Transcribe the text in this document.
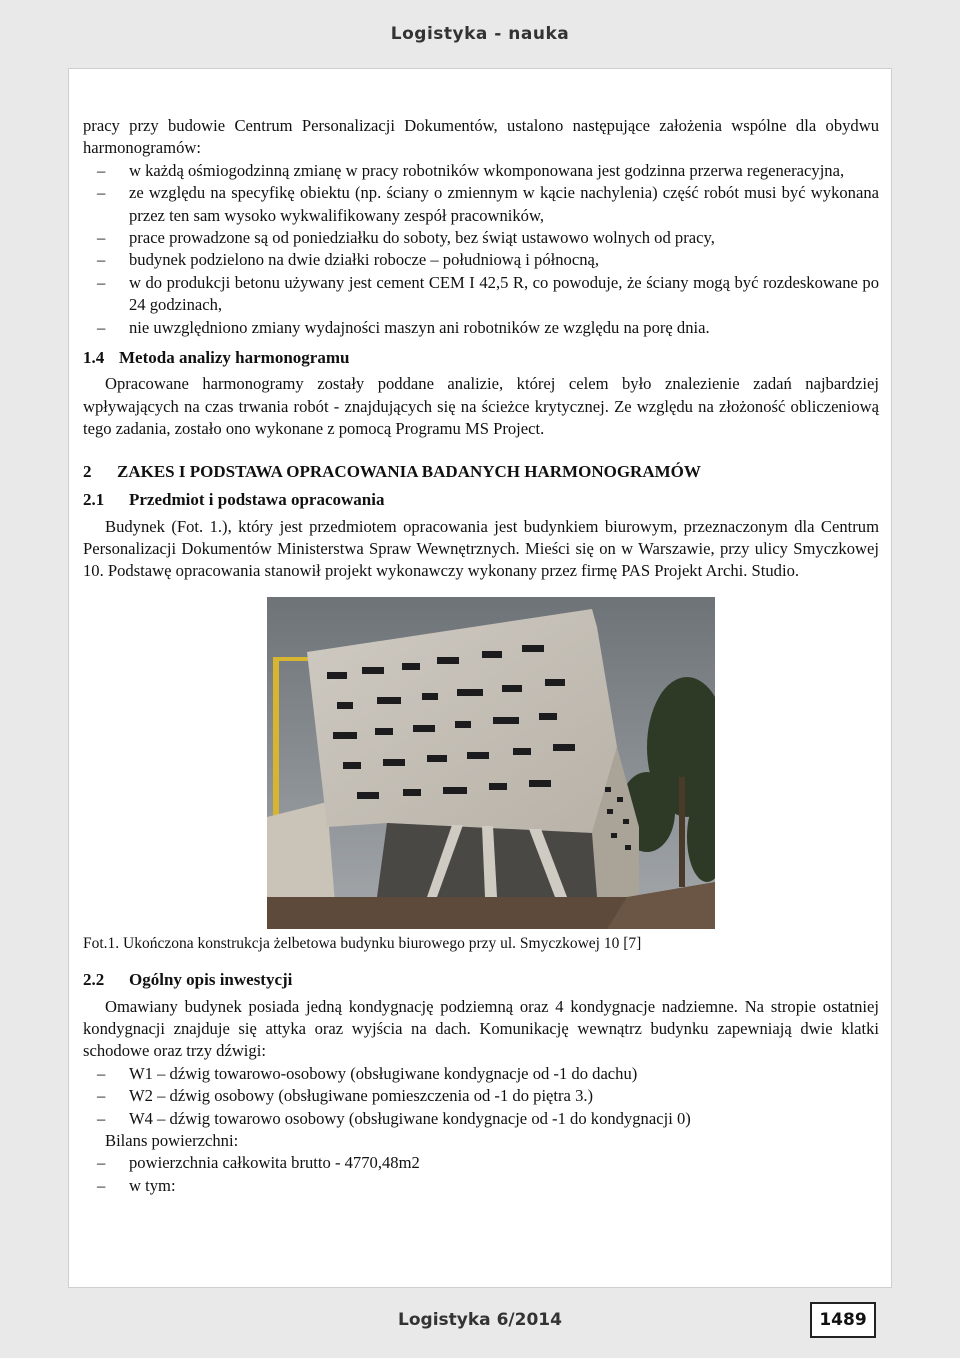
Logistyka - nauka

pracy przy budowie Centrum Personalizacji Dokumentów, ustalono następujące założenia wspólne dla obydwu harmonogramów:

– w każdą ośmiogodzinną zmianę w pracy robotników wkomponowana jest godzinna przerwa regeneracyjna,
– ze względu na specyfikę obiektu (np. ściany o zmiennym w kącie nachylenia) część robót musi być wykonana przez ten sam wysoko wykwalifikowany zespół pracowników,
– prace prowadzone są od poniedziałku do soboty, bez świąt ustawowo wolnych od pracy,
– budynek podzielono na dwie działki robocze – południową i północną,
– w do produkcji betonu używany jest cement CEM I 42,5 R, co powoduje, że ściany mogą być rozdeskowane po 24 godzinach,
– nie uwzględniono zmiany wydajności maszyn ani robotników ze względu na porę dnia.
1.4 Metoda analizy harmonogramu

Opracowane harmonogramy zostały poddane analizie, której celem było znalezienie zadań najbardziej wpływających na czas trwania robót - znajdujących się na ścieżce krytycznej. Ze względu na złożoność obliczeniową tego zadania, zostało ono wykonane z pomocą Programu MS Project.

2 ZAKES I PODSTAWA OPRACOWANIA BADANYCH HARMONOGRAMÓW
2.1 Przedmiot i podstawa opracowania

Budynek (Fot. 1.), który jest przedmiotem opracowania jest budynkiem biurowym, przeznaczonym dla Centrum Personalizacji Dokumentów Ministerstwa Spraw Wewnętrznych. Mieści się on w Warszawie, przy ulicy Smyczkowej 10. Podstawę opracowania stanowił projekt wykonawczy wykonany przez firmę PAS Projekt Archi. Studio.

Fot.1. Ukończona konstrukcja żelbetowa budynku biurowego przy ul. Smyczkowej 10 [7]

2.2 Ogólny opis inwestycji

Omawiany budynek posiada jedną kondygnację podziemną oraz 4 kondygnacje nadziemne. Na stropie ostatniej kondygnacji znajduje się attyka oraz wyjścia na dach. Komunikację wewnątrz budynku zapewniają dwie klatki schodowe oraz trzy dźwigi:

– W1 – dźwig towarowo-osobowy (obsługiwane kondygnacje od -1 do dachu)
– W2 – dźwig osobowy (obsługiwane pomieszczenia od -1 do piętra 3.)
– W4 – dźwig towarowo osobowy (obsługiwane kondygnacje od -1 do kondygnacji 0)

Bilans powierzchni:

– powierzchnia całkowita brutto - 4770,48m2
– w tym:
Logistyka 6/2014	1489
